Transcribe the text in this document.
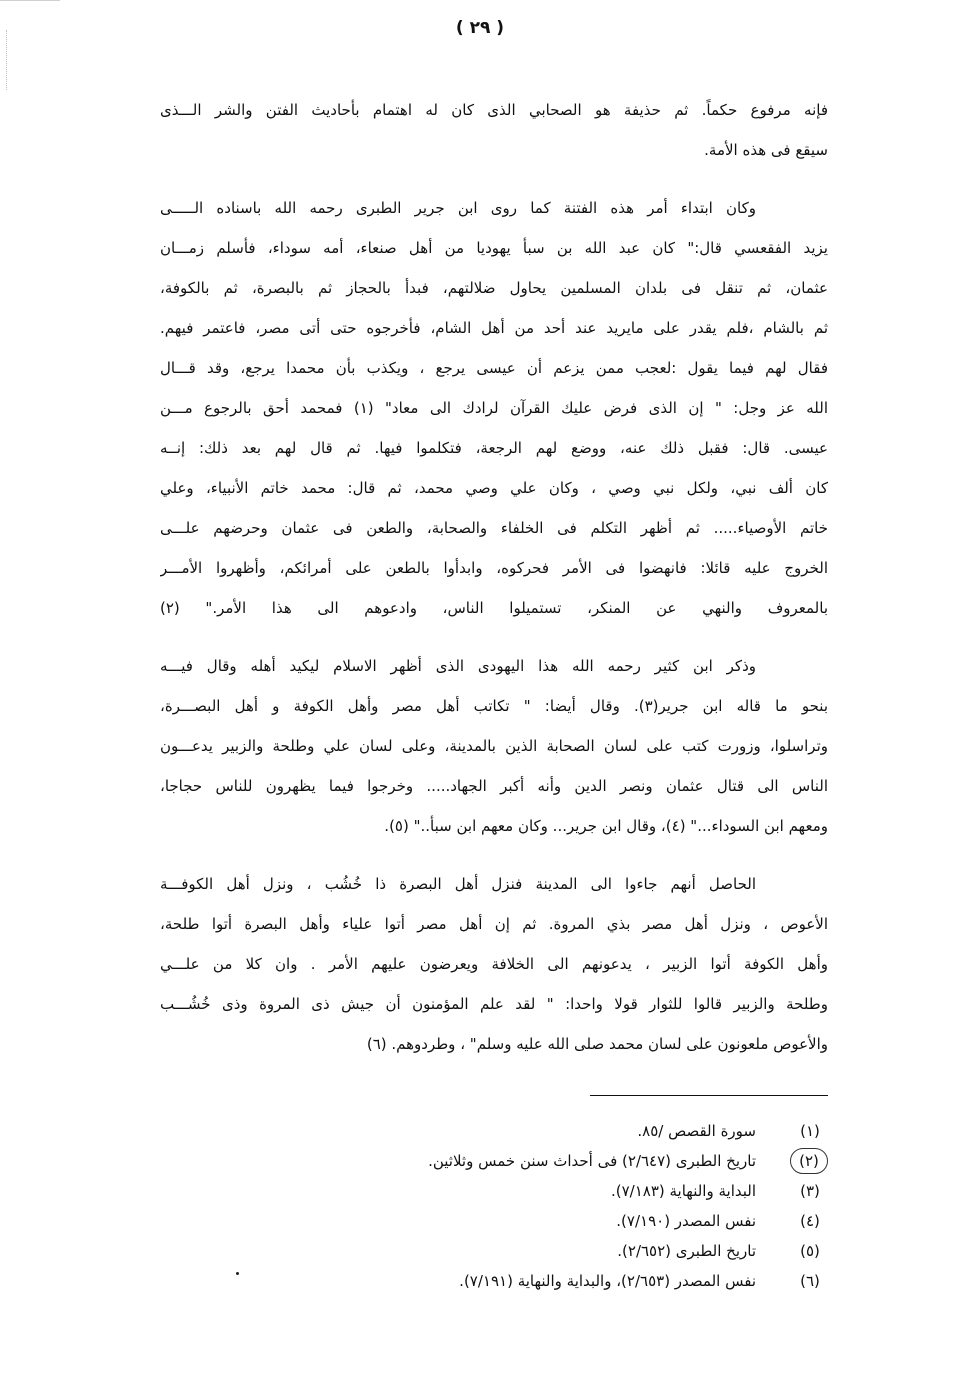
( ٢٩ )
فإنه مرفوع حكماً. ثم حذيفة هو الصحابي الذى كان له اهتمام بأحاديث الفتن والشر الـــذى
سيقع فى هذه الأمة.
وكان ابتداء أمر هذه الفتنة كما روى ابن جرير الطبرى رحمه الله باسناده الـــــى
يزيد الفقعسي قال:" كان عبد الله بن سبأ يهوديا من أهل صنعاء، أمه سوداء، فأسلم زمـــان
عثمان، ثم تنقل فى بلدان المسلمين يحاول ضلالتهم، فبدأ بالحجاز ثم بالبصرة، ثم بالكوفة،
ثم بالشام ،فلم يقدر على مايريد عند أحد من أهل الشام، فأخرجوه حتى أتى مصر، فاعتمر فيهم.
فقال لهم فيما يقول :لعجب ممن يزعم أن عيسى يرجع ، ويكذب بأن محمدا يرجع، وقد قـــال
الله عز وجل: " إن الذى فرض عليك القرآن لرادك الى معاد" (١) فمحمد أحق بالرجوع مـــن
عيسى. قال: فقبل ذلك عنه، ووضع لهم الرجعة، فتكلموا فيها. ثم قال لهم بعد ذلك: إنــه
كان ألف نبي، ولكل نبي وصي ، وكان علي وصي محمد، ثم قال: محمد خاتم الأنبياء، وعلي
خاتم الأوصياء..... ثم أظهر التكلم فى الخلفاء والصحابة، والطعن فى عثمان وحرضهم علـــى
الخروج عليه قائلا: فانهضوا فى الأمر فحركوه، وابدأوا بالطعن على أمرائكم، وأظهروا الأمـــر
بالمعروف والنهي عن المنكر، تستميلوا الناس، وادعوهم الى هذا الأمر." (٢)
وذكر ابن كثير رحمه الله هذا اليهودى الذى أظهر الاسلام ليكيد أهله وقال فيـــه
بنحو ما قاله ابن جرير(٣). وقال أيضا: " تكاتب أهل مصر وأهل الكوفة و أهل البصـــرة،
وتراسلوا، وزورت كتب على لسان الصحابة الذين بالمدينة، وعلى لسان علي وطلحة والزبير يدعـــون
الناس الى قتال عثمان ونصر الدين وأنه أكبر الجهاد..... وخرجوا فيما يظهرون للناس حجاجا،
ومعهم ابن السوداء..." (٤)، وقال ابن جرير... وكان معهم ابن سبأ.." (٥).
الحاصل أنهم جاءوا الى المدينة فنزل أهل البصرة ذا خُشُب ، ونزل أهل الكوفـــة
الأعوص ، ونزل أهل مصر بذي المروة. ثم إن أهل مصر أتوا علياء وأهل البصرة أتوا طلحة،
وأهل الكوفة أتوا الزبير ، يدعونهم الى الخلافة ويعرضون عليهم الأمر . وان كلا من علـــي
وطلحة والزبير قالوا للثوار قولا واحدا: " لقد علم المؤمنون أن جيش ذى المروة وذى خُشُـــب
والأعوص ملعونون على لسان محمد صلى الله عليه وسلم" ، وطردوهم. (٦)
(١)
سورة القصص /٨٥.
(٢)
تاريخ الطبرى (٢/٦٤٧) فى أحداث سنن خمس وثلاثين.
(٣)
البداية والنهاية (٧/١٨٣).
(٤)
نفس المصدر (٧/١٩٠).
(٥)
تاريخ الطبرى (٢/٦٥٢).
(٦)
نفس المصدر (٢/٦٥٣)، والبداية والنهاية (٧/١٩١).
